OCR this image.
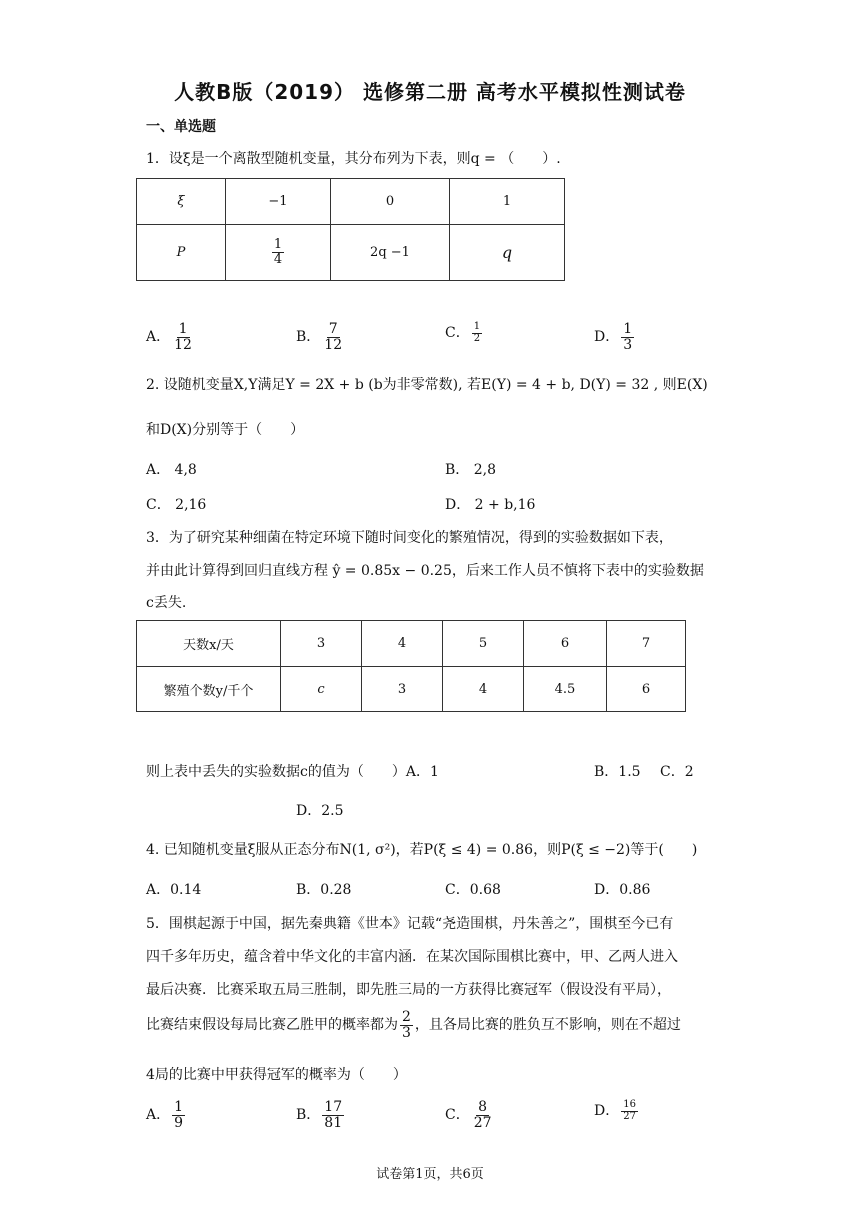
人教B版（2019） 选修第二册 高考水平模拟性测试卷
一、单选题
1．设ξ是一个离散型随机变量，其分布列为下表，则q = （　　）.
ξ	−1	0	1
P	$\frac{1}{4}$	2q −1	q
A． $\frac{1}{12}$	B． $\frac{7}{12}$	C． $\frac{1}{2}$	D． $\frac{1}{3}$
2. 设随机变量X,Y满足Y = 2X + b (b为非零常数), 若E(Y) = 4 + b, D(Y) = 32 , 则E(X)
和D(X)分别等于（　　）
A． 4,8	B． 2,8
C． 2,16	D． 2 + b,16
3．为了研究某种细菌在特定环境下随时间变化的繁殖情况，得到的实验数据如下表，
并由此计算得到回归直线方程 ŷ = 0.85x − 0.25，后来工作人员不慎将下表中的实验数据
c丢失.
天数x/天	3	4	5	6	7
繁殖个数y/千个	c	3	4	4.5	6
则上表中丢失的实验数据c的值为（　　）A．1	B．1.5 C．2
D．2.5
4. 已知随机变量ξ服从正态分布N(1, σ²)，若P(ξ ≤ 4) = 0.86，则P(ξ ≤ −2)等于(　　)
A．0.14	B．0.28	C．0.68	D．0.86
5．围棋起源于中国，据先秦典籍《世本》记载“尧造围棋，丹朱善之”，围棋至今已有
四千多年历史，蕴含着中华文化的丰富内涵．在某次国际围棋比赛中，甲、乙两人进入
最后决赛．比赛采取五局三胜制，即先胜三局的一方获得比赛冠军（假设没有平局），
比赛结束假设每局比赛乙胜甲的概率都为 $\frac{2}{3}$ ，且各局比赛的胜负互不影响，则在不超过
4局的比赛中甲获得冠军的概率为（　　）
A． $\frac{1}{9}$	B． $\frac{17}{81}$	C． $\frac{8}{27}$	D． $\frac{16}{27}$
试卷第1页，共6页
